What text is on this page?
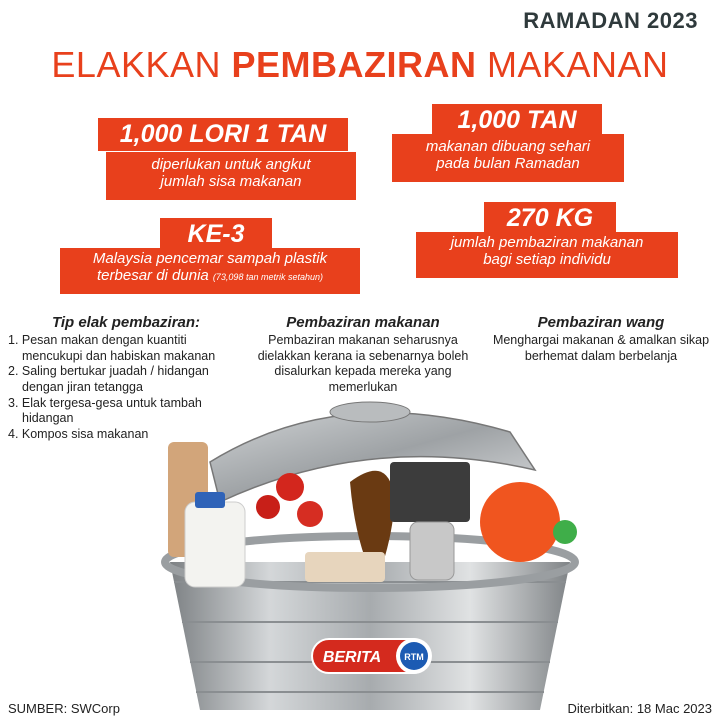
RAMADAN 2023
ELAKKAN PEMBAZIRAN MAKANAN
1,000 LORI 1 TAN
diperlukan untuk angkut
jumlah sisa makanan
1,000 TAN
makanan dibuang sehari
pada bulan Ramadan
KE-3
Malaysia pencemar sampah plastik
terbesar di dunia (73,098 tan metrik setahun)
270 KG
jumlah pembaziran makanan
bagi setiap individu
Tip elak pembaziran:
1. Pesan makan dengan kuantiti mencukupi dan habiskan makanan
2. Saling bertukar juadah / hidangan dengan jiran tetangga
3. Elak tergesa-gesa untuk tambah hidangan
4. Kompos sisa makanan
Pembaziran makanan
Pembaziran makanan seharusnya dielakkan kerana ia sebenarnya boleh disalurkan kepada mereka yang memerlukan
Pembaziran wang
Menghargai makanan & amalkan sikap berhemat dalam berbelanja
BERITA	RTM
SUMBER: SWCorp	Diterbitkan: 18 Mac 2023
